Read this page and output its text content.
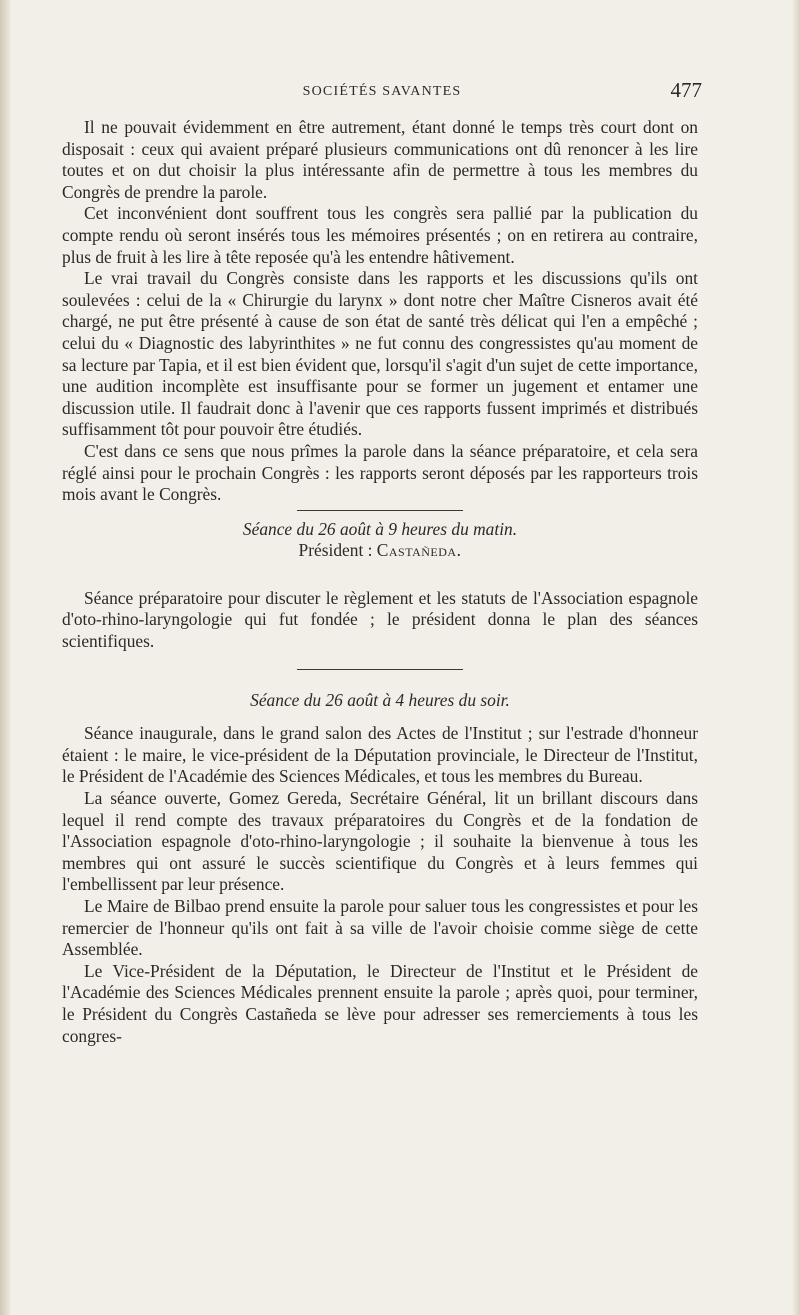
SOCIÉTÉS SAVANTES	477

Il ne pouvait évidemment en être autrement, étant donné le temps très court dont on disposait : ceux qui avaient préparé plusieurs communications ont dû renoncer à les lire toutes et on dut choisir la plus intéressante afin de permettre à tous les membres du Congrès de prendre la parole.

Cet inconvénient dont souffrent tous les congrès sera pallié par la publication du compte rendu où seront insérés tous les mémoires présentés ; on en retirera au contraire, plus de fruit à les lire à tête reposée qu'à les entendre hâtivement.

Le vrai travail du Congrès consiste dans les rapports et les discussions qu'ils ont soulevées : celui de la « Chirurgie du larynx » dont notre cher Maître Cisneros avait été chargé, ne put être présenté à cause de son état de santé très délicat qui l'en a empêché ; celui du « Diagnostic des labyrinthites » ne fut connu des congressistes qu'au moment de sa lecture par Tapia, et il est bien évident que, lorsqu'il s'agit d'un sujet de cette importance, une audition incomplète est insuffisante pour se former un jugement et entamer une discussion utile. Il faudrait donc à l'avenir que ces rapports fussent imprimés et distribués suffisamment tôt pour pouvoir être étudiés.

C'est dans ce sens que nous prîmes la parole dans la séance préparatoire, et cela sera réglé ainsi pour le prochain Congrès : les rapports seront déposés par les rapporteurs trois mois avant le Congrès.

Séance du 26 août à 9 heures du matin.

Président : Castañeda.

Séance préparatoire pour discuter le règlement et les statuts de l'Association espagnole d'oto-rhino-laryngologie qui fut fondée ; le président donna le plan des séances scientifiques.

Séance du 26 août à 4 heures du soir.

Séance inaugurale, dans le grand salon des Actes de l'Institut ; sur l'estrade d'honneur étaient : le maire, le vice-président de la Députation provinciale, le Directeur de l'Institut, le Président de l'Académie des Sciences Médicales, et tous les membres du Bureau.

La séance ouverte, Gomez Gereda, Secrétaire Général, lit un brillant discours dans lequel il rend compte des travaux préparatoires du Congrès et de la fondation de l'Association espagnole d'oto-rhino-laryngologie ; il souhaite la bienvenue à tous les membres qui ont assuré le succès scientifique du Congrès et à leurs femmes qui l'embellissent par leur présence.

Le Maire de Bilbao prend ensuite la parole pour saluer tous les congressistes et pour les remercier de l'honneur qu'ils ont fait à sa ville de l'avoir choisie comme siège de cette Assemblée.

Le Vice-Président de la Députation, le Directeur de l'Institut et le Président de l'Académie des Sciences Médicales prennent ensuite la parole ; après quoi, pour terminer, le Président du Congrès Castañeda se lève pour adresser ses remerciements à tous les congres-
